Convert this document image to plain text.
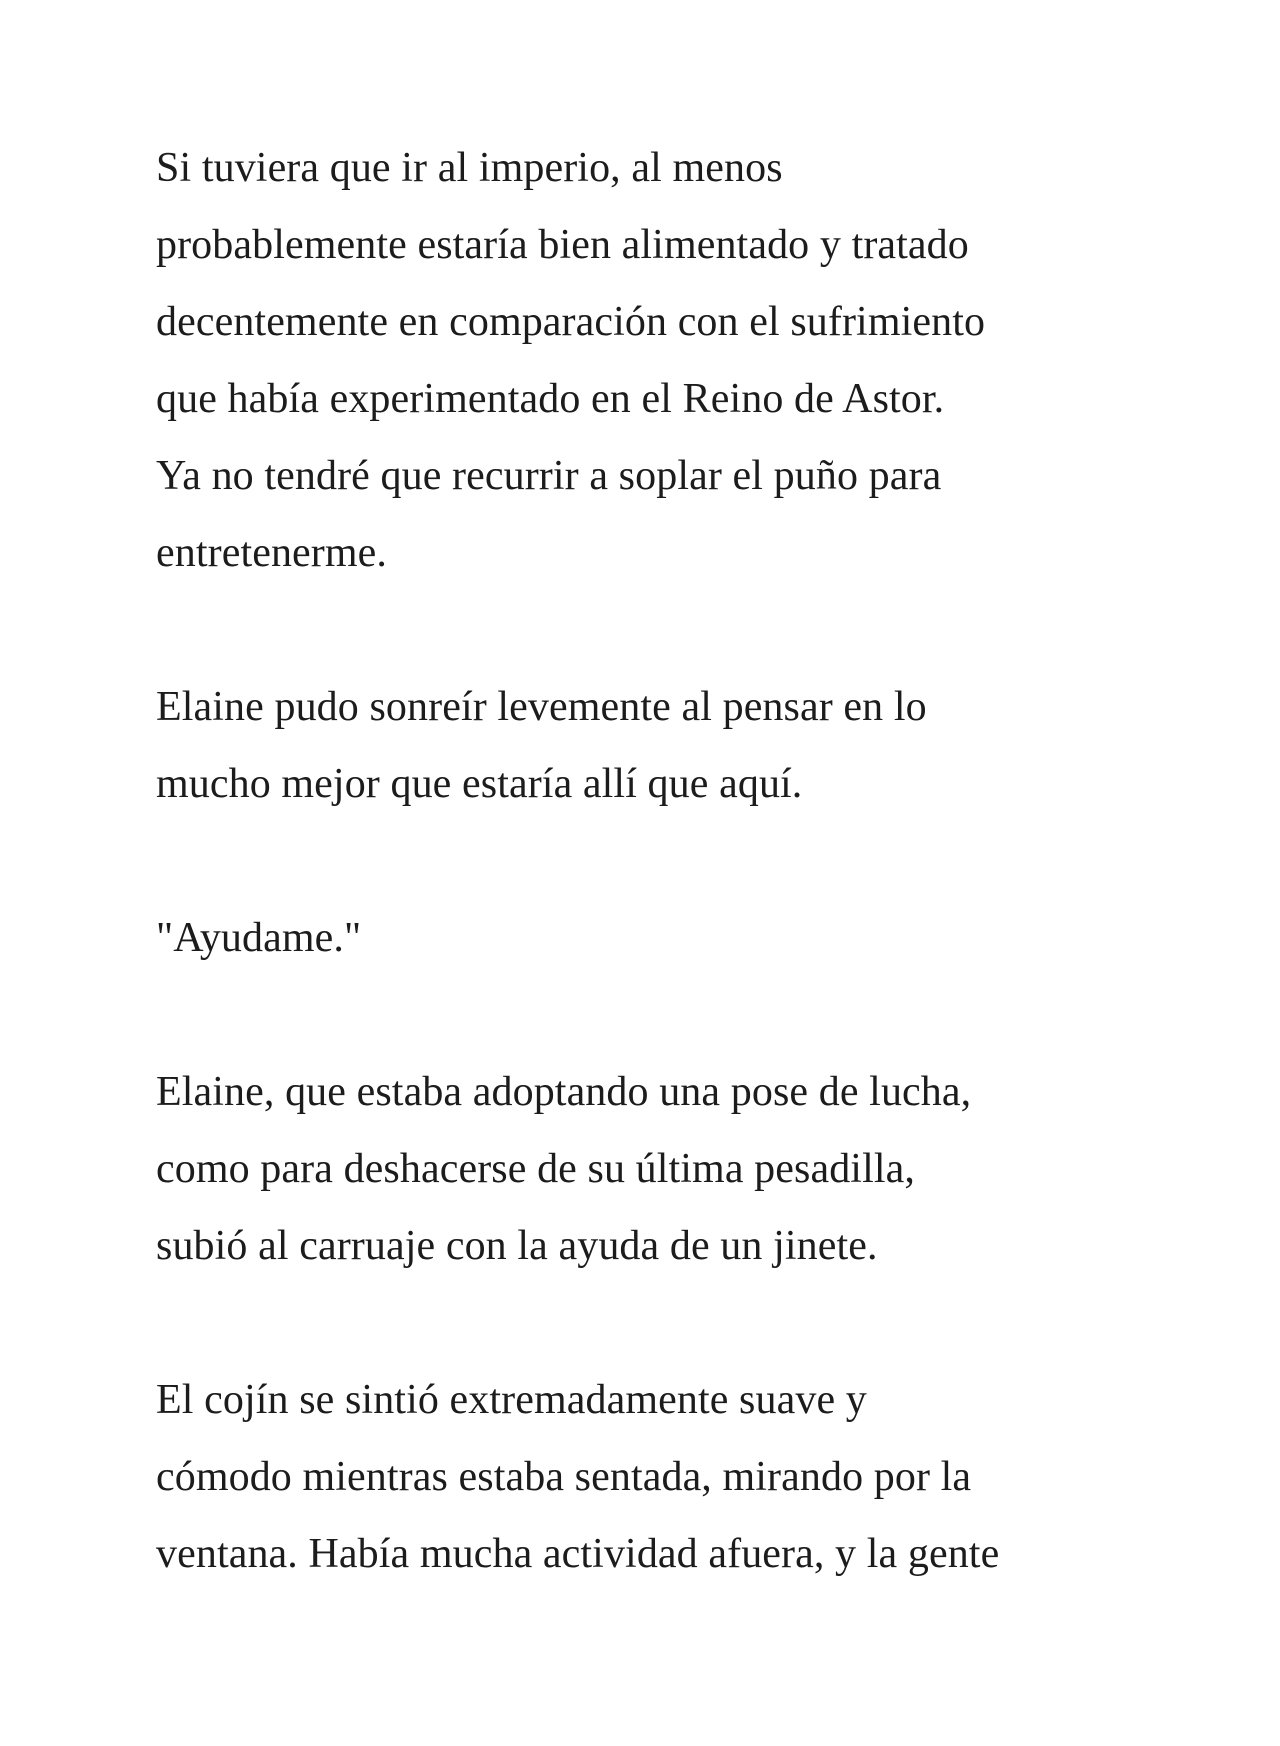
Si tuviera que ir al imperio, al menos
probablemente estaría bien alimentado y tratado
decentemente en comparación con el sufrimiento
que había experimentado en el Reino de Astor.
Ya no tendré que recurrir a soplar el puño para
entretenerme.

Elaine pudo sonreír levemente al pensar en lo
mucho mejor que estaría allí que aquí.

"Ayudame."

Elaine, que estaba adoptando una pose de lucha,
como para deshacerse de su última pesadilla,
subió al carruaje con la ayuda de un jinete.

El cojín se sintió extremadamente suave y
cómodo mientras estaba sentada, mirando por la
ventana. Había mucha actividad afuera, y la gente
